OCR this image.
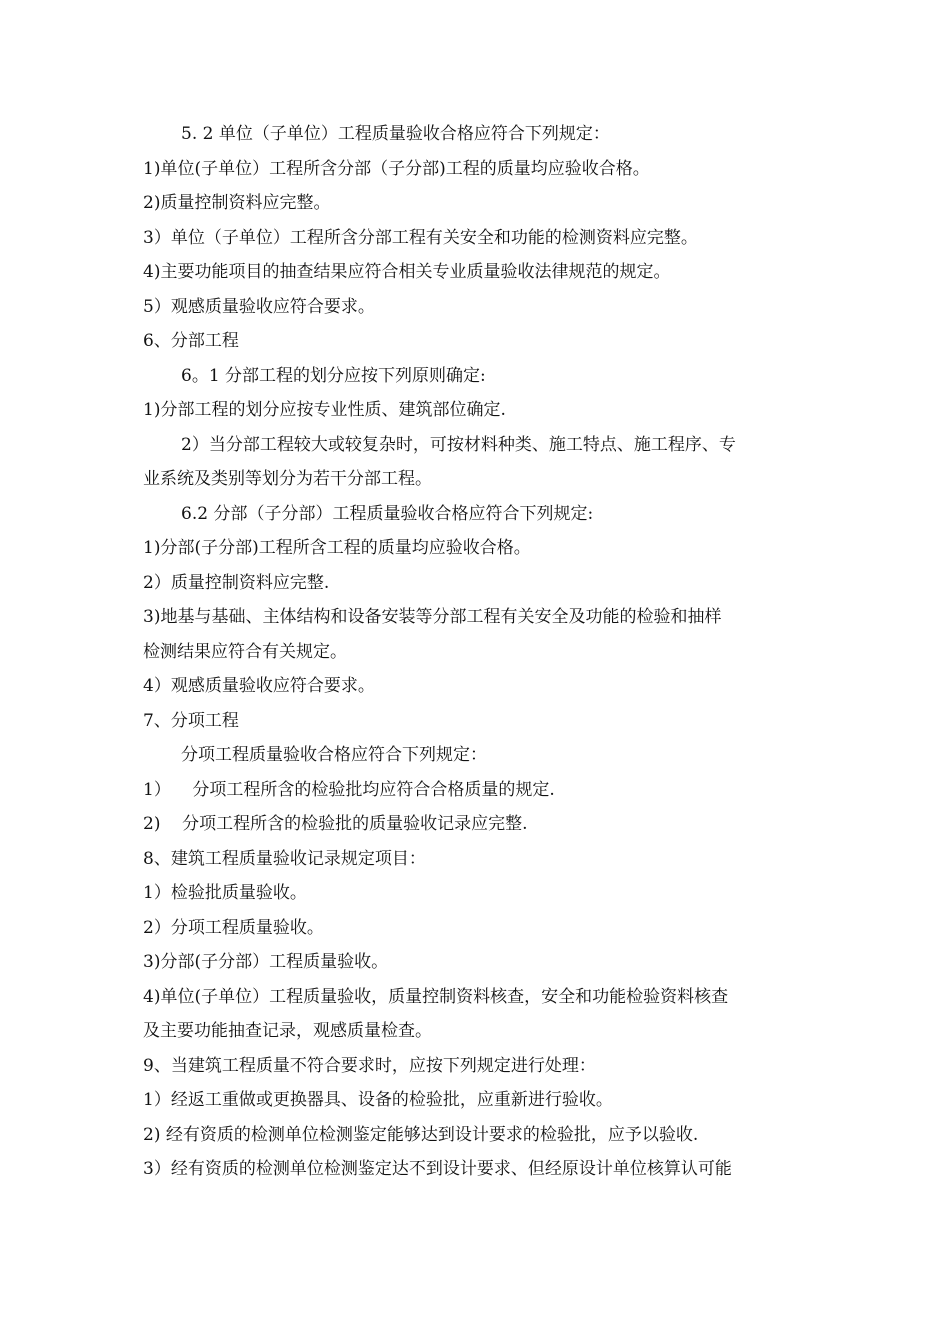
5. 2 单位（子单位）工程质量验收合格应符合下列规定：
1)单位(子单位）工程所含分部（子分部)工程的质量均应验收合格。
2)质量控制资料应完整。
3）单位（子单位）工程所含分部工程有关安全和功能的检测资料应完整。
4)主要功能项目的抽查结果应符合相关专业质量验收法律规范的规定。
5）观感质量验收应符合要求。
6、分部工程
6。1 分部工程的划分应按下列原则确定:
1)分部工程的划分应按专业性质、建筑部位确定.
2）当分部工程较大或较复杂时，可按材料种类、施工特点、施工程序、专
业系统及类别等划分为若干分部工程。
6.2 分部（子分部）工程质量验收合格应符合下列规定:
1)分部(子分部)工程所含工程的质量均应验收合格。
2）质量控制资料应完整.
3)地基与基础、主体结构和设备安装等分部工程有关安全及功能的检验和抽样
检测结果应符合有关规定。
4）观感质量验收应符合要求。
7、分项工程
分项工程质量验收合格应符合下列规定：
1）    分项工程所含的检验批均应符合合格质量的规定.
2)    分项工程所含的检验批的质量验收记录应完整.
8、建筑工程质量验收记录规定项目：
1）检验批质量验收。
2）分项工程质量验收。
3)分部(子分部）工程质量验收。
4)单位(子单位）工程质量验收，质量控制资料核查，安全和功能检验资料核查
及主要功能抽查记录，观感质量检查。
9、当建筑工程质量不符合要求时，应按下列规定进行处理：
1）经返工重做或更换器具、设备的检验批，应重新进行验收。
2) 经有资质的检测单位检测鉴定能够达到设计要求的检验批，应予以验收.
3）经有资质的检测单位检测鉴定达不到设计要求、但经原设计单位核算认可能
